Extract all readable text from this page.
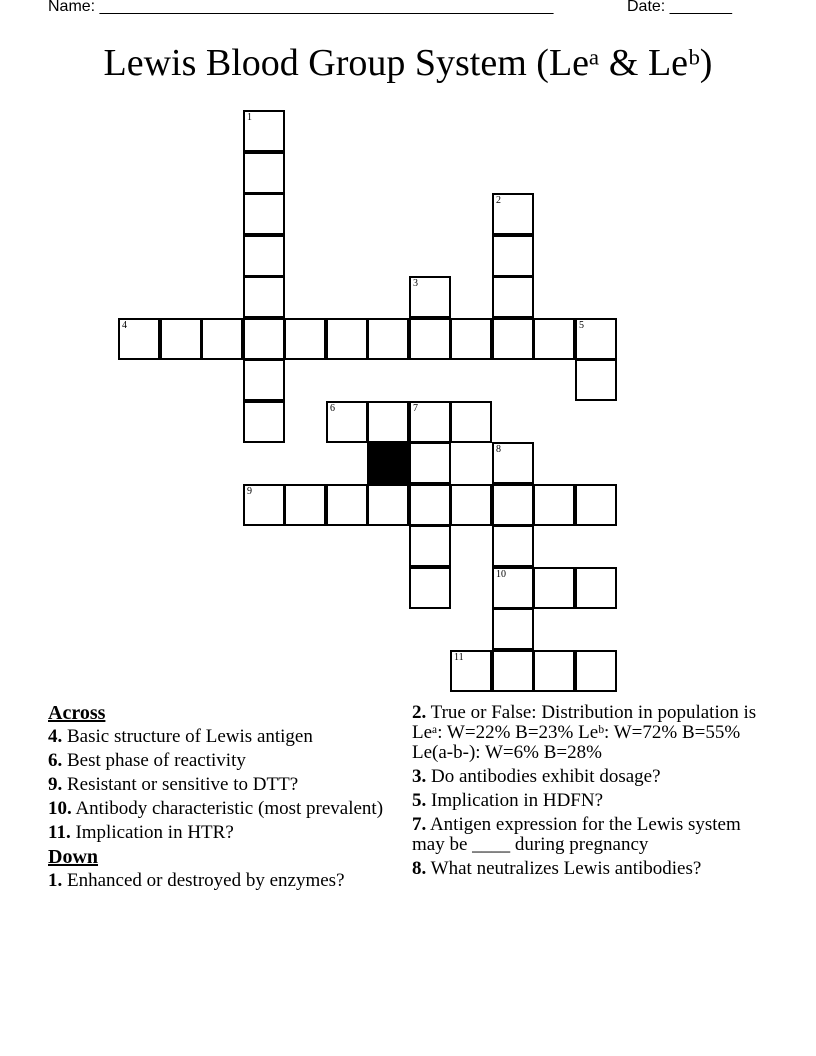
Name: ___________________________________________________	Date: _______
Lewis Blood Group System (Leᵃ & Leᵇ)
1
2
3
4	5
6	7
8
10
9
11
Across
4. Basic structure of Lewis antigen
6. Best phase of reactivity
9. Resistant or sensitive to DTT?
10. Antibody characteristic (most prevalent)
11. Implication in HTR?
Down
1. Enhanced or destroyed by enzymes?
2. True or False: Distribution in population is Leᵃ: W=22% B=23% Leᵇ: W=72% B=55% Le(a-b-): W=6% B=28%
3. Do antibodies exhibit dosage?
5. Implication in HDFN?
7. Antigen expression for the Lewis system may be ____ during pregnancy
8. What neutralizes Lewis antibodies?
